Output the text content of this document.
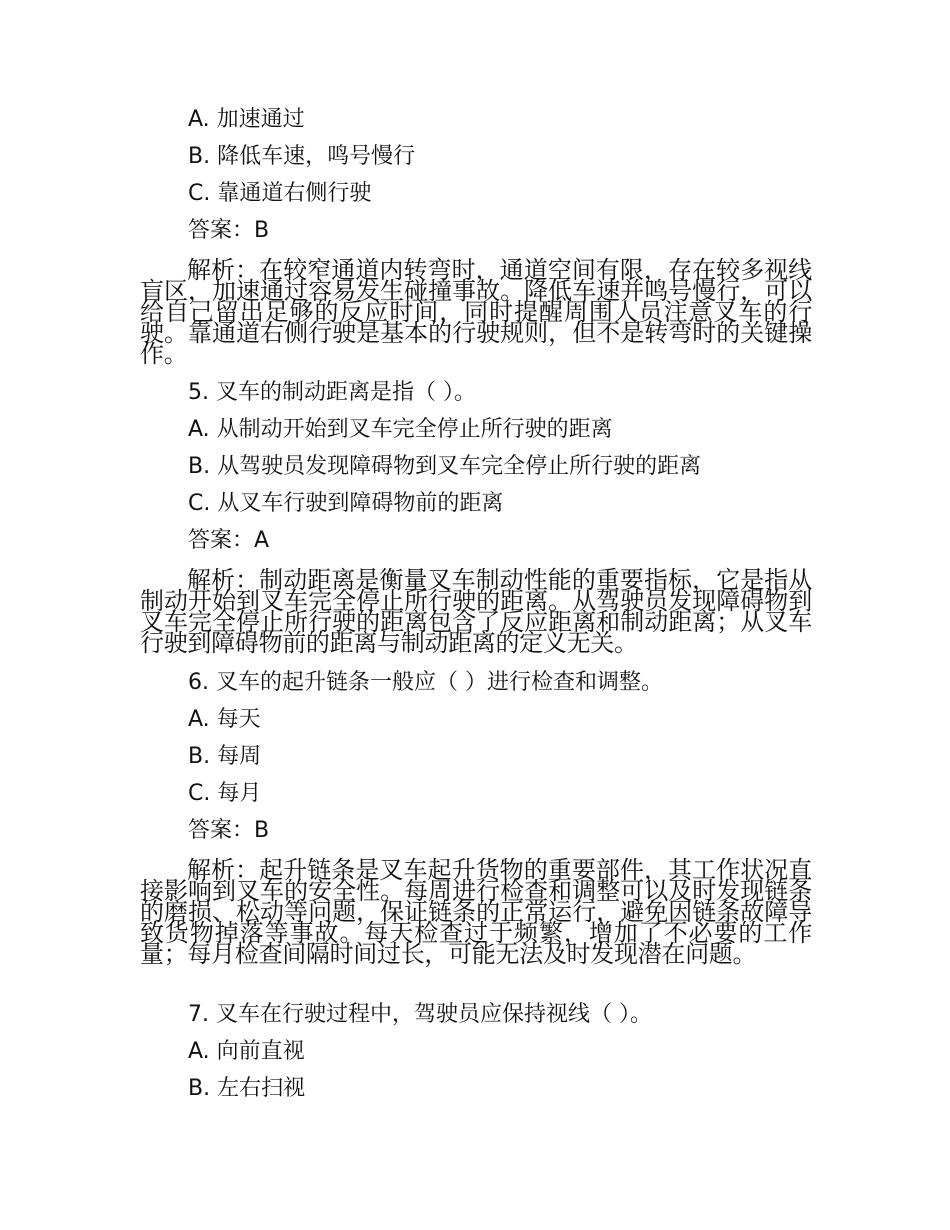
A. 加速通过
B. 降低车速，鸣号慢行
C. 靠通道右侧行驶
答案：B
解析：在较窄通道内转弯时，通道空间有限，存在较多视线盲区，加速通过容易发生碰撞事故。降低车速并鸣号慢行，可以给自己留出足够的反应时间，同时提醒周围人员注意叉车的行驶。靠通道右侧行驶是基本的行驶规则，但不是转弯时的关键操作。
5. 叉车的制动距离是指（ ）。
A. 从制动开始到叉车完全停止所行驶的距离
B. 从驾驶员发现障碍物到叉车完全停止所行驶的距离
C. 从叉车行驶到障碍物前的距离
答案：A
解析：制动距离是衡量叉车制动性能的重要指标，它是指从制动开始到叉车完全停止所行驶的距离。从驾驶员发现障碍物到叉车完全停止所行驶的距离包含了反应距离和制动距离；从叉车行驶到障碍物前的距离与制动距离的定义无关。
6. 叉车的起升链条一般应（ ）进行检查和调整。
A. 每天
B. 每周
C. 每月
答案：B
解析：起升链条是叉车起升货物的重要部件，其工作状况直接影响到叉车的安全性。每周进行检查和调整可以及时发现链条的磨损、松动等问题，保证链条的正常运行，避免因链条故障导致货物掉落等事故。每天检查过于频繁，增加了不必要的工作量；每月检查间隔时间过长，可能无法及时发现潜在问题。
7. 叉车在行驶过程中，驾驶员应保持视线（ ）。
A. 向前直视
B. 左右扫视
